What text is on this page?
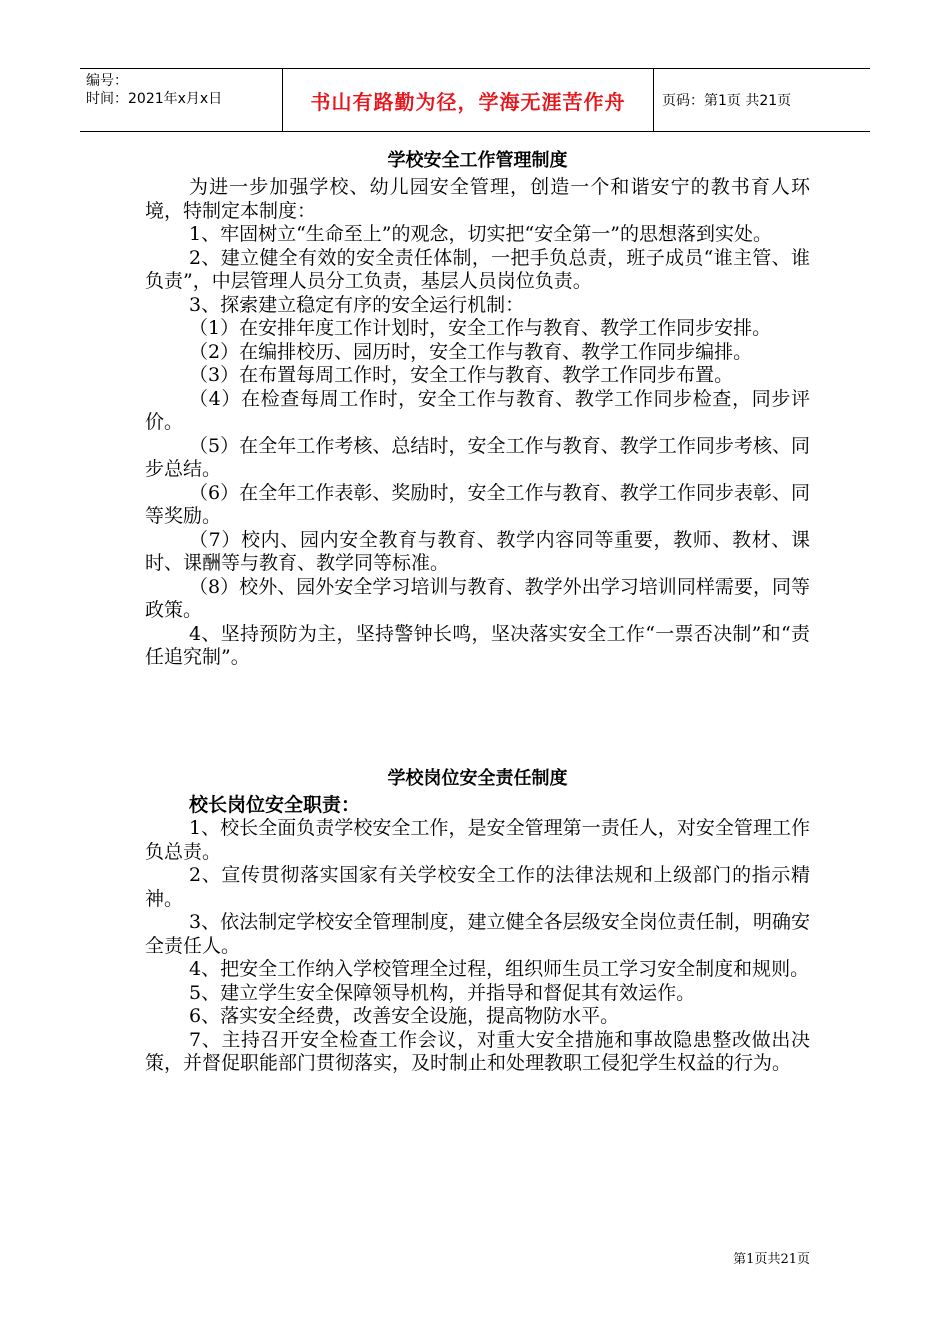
编号：
时间：2021年x月x日	书山有路勤为径，学海无涯苦作舟	页码：第1页 共21页
学校安全工作管理制度

为进一步加强学校、幼儿园安全管理，创造一个和谐安宁的教书育人环境，特制定本制度：

1、牢固树立“生命至上”的观念，切实把“安全第一”的思想落到实处。

2、建立健全有效的安全责任体制，一把手负总责，班子成员“谁主管、谁负责”，中层管理人员分工负责，基层人员岗位负责。

3、探索建立稳定有序的安全运行机制：

（1）在安排年度工作计划时，安全工作与教育、教学工作同步安排。

（2）在编排校历、园历时，安全工作与教育、教学工作同步编排。

（3）在布置每周工作时，安全工作与教育、教学工作同步布置。

（4）在检查每周工作时，安全工作与教育、教学工作同步检查，同步评价。

（5）在全年工作考核、总结时，安全工作与教育、教学工作同步考核、同步总结。

（6）在全年工作表彰、奖励时，安全工作与教育、教学工作同步表彰、同等奖励。

（7）校内、园内安全教育与教育、教学内容同等重要，教师、教材、课时、课酬等与教育、教学同等标准。

（8）校外、园外安全学习培训与教育、教学外出学习培训同样需要，同等政策。

4、坚持预防为主，坚持警钟长鸣，坚决落实安全工作“一票否决制”和“责任追究制”。

学校岗位安全责任制度

校长岗位安全职责：

1、校长全面负责学校安全工作，是安全管理第一责任人，对安全管理工作负总责。

2、宣传贯彻落实国家有关学校安全工作的法律法规和上级部门的指示精神。

3、依法制定学校安全管理制度，建立健全各层级安全岗位责任制，明确安全责任人。

4、把安全工作纳入学校管理全过程，组织师生员工学习安全制度和规则。

5、建立学生安全保障领导机构，并指导和督促其有效运作。

6、落实安全经费，改善安全设施，提高物防水平。

7、主持召开安全检查工作会议，对重大安全措施和事故隐患整改做出决策，并督促职能部门贯彻落实，及时制止和处理教职工侵犯学生权益的行为。

第1页共21页
